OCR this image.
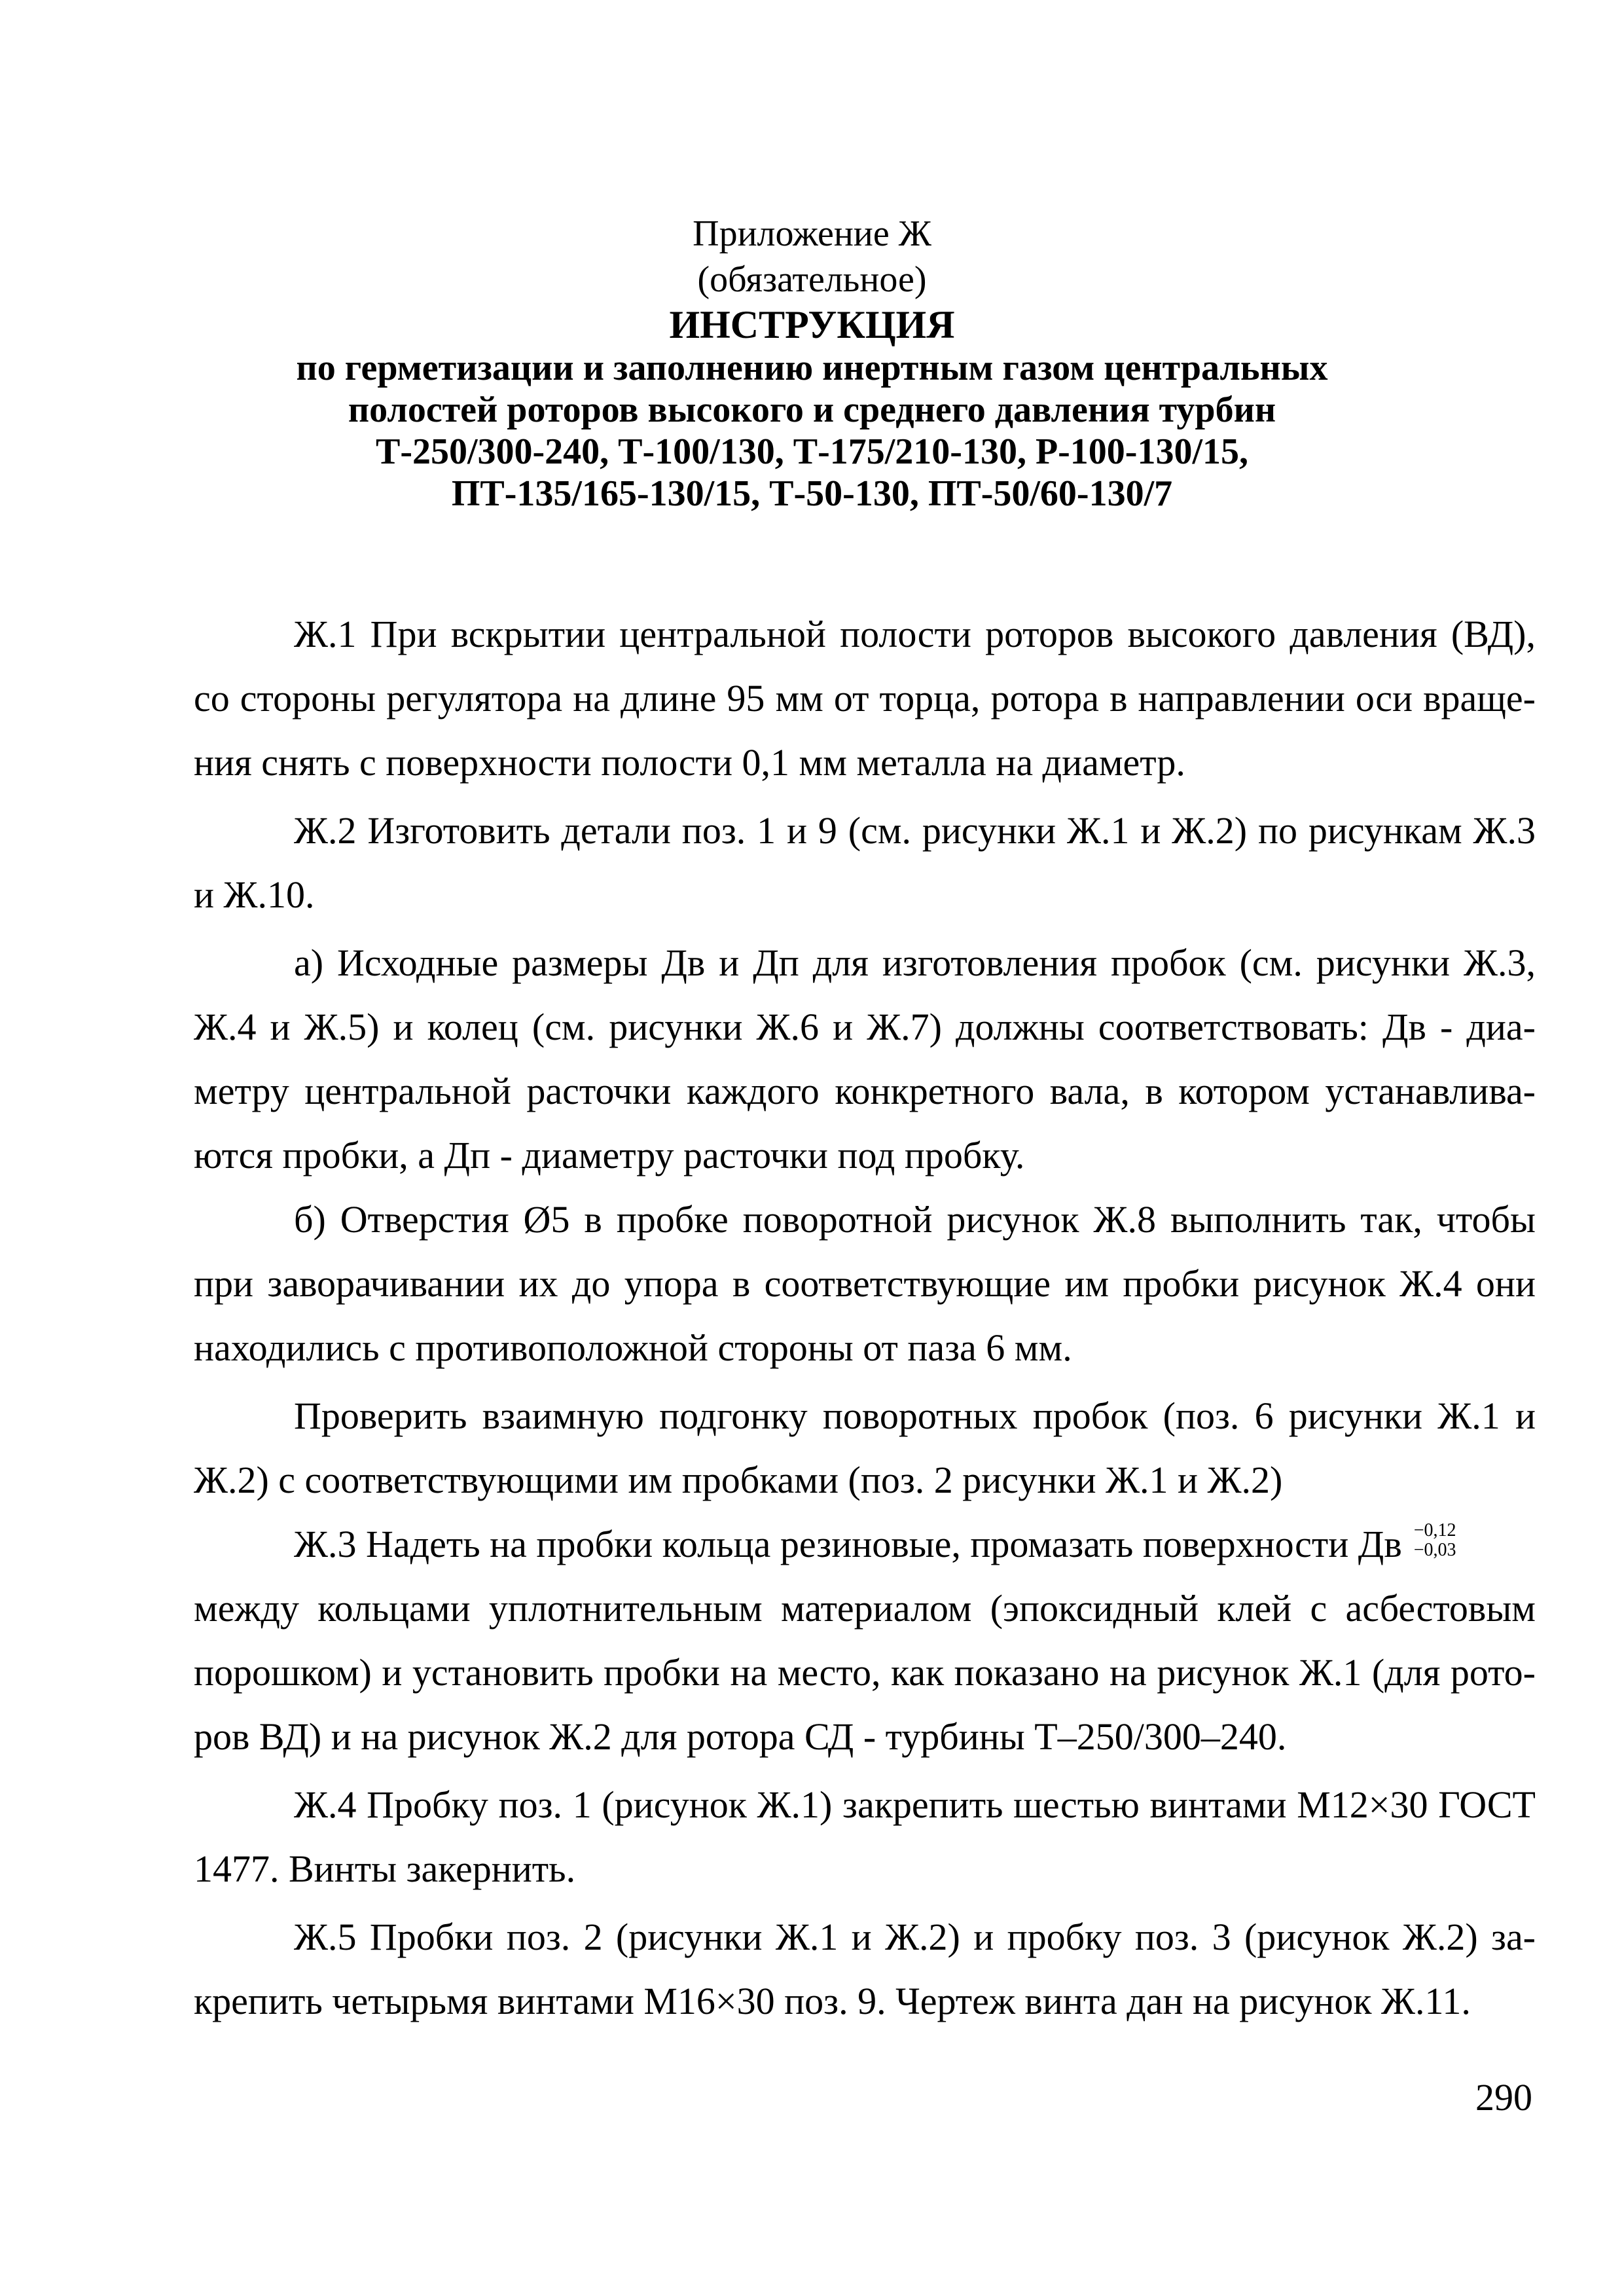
Приложение Ж
(обязательное)
ИНСТРУКЦИЯ
по герметизации и заполнению инертным газом центральных
полостей роторов высокого и среднего давления турбин
Т-250/300-240, Т-100/130, Т-175/210-130, Р-100-130/15,
ПТ-135/165-130/15, Т-50-130, ПТ-50/60-130/7

Ж.1 При вскрытии центральной полости роторов высокого давления (ВД), со стороны регулятора на длине 95 мм от торца, ротора в направлении оси враще-ния снять с поверхности полости 0,1 мм металла на диаметр.

Ж.2 Изготовить детали поз. 1 и 9 (см. рисунки Ж.1 и Ж.2) по рисункам Ж.3 и Ж.10.

а) Исходные размеры Дв и Дп для изготовления пробок (см. рисунки Ж.3, Ж.4 и Ж.5) и колец (см. рисунки Ж.6 и Ж.7) должны соответствовать: Дв - диа-метру центральной расточки каждого конкретного вала, в котором устанавлива-ются пробки, а Дп - диаметру расточки под пробку.

б) Отверстия Ø5 в пробке поворотной рисунок Ж.8 выполнить так, чтобы при заворачивании их до упора в соответствующие им пробки рисунок Ж.4 они находились с противоположной стороны от паза 6 мм.

Проверить взаимную подгонку поворотных пробок (поз. 6 рисунки Ж.1 и Ж.2) с соответствующими им пробками (поз. 2 рисунки Ж.1 и Ж.2)

Ж.3 Надеть на пробки кольца резиновые, промазать поверхности Дв −0,12
−0,03

между кольцами уплотнительным материалом (эпоксидный клей с асбестовым порошком) и установить пробки на место, как показано на рисунок Ж.1 (для рото-ров ВД) и на рисунок Ж.2 для ротора СД - турбины Т–250/300–240.

Ж.4 Пробку поз. 1 (рисунок Ж.1) закрепить шестью винтами М12×30 ГОСТ 1477. Винты закернить.

Ж.5 Пробки поз. 2 (рисунки Ж.1 и Ж.2) и пробку поз. 3 (рисунок Ж.2) за-крепить четырьмя винтами М16×30 поз. 9. Чертеж винта дан на рисунок Ж.11.

290
